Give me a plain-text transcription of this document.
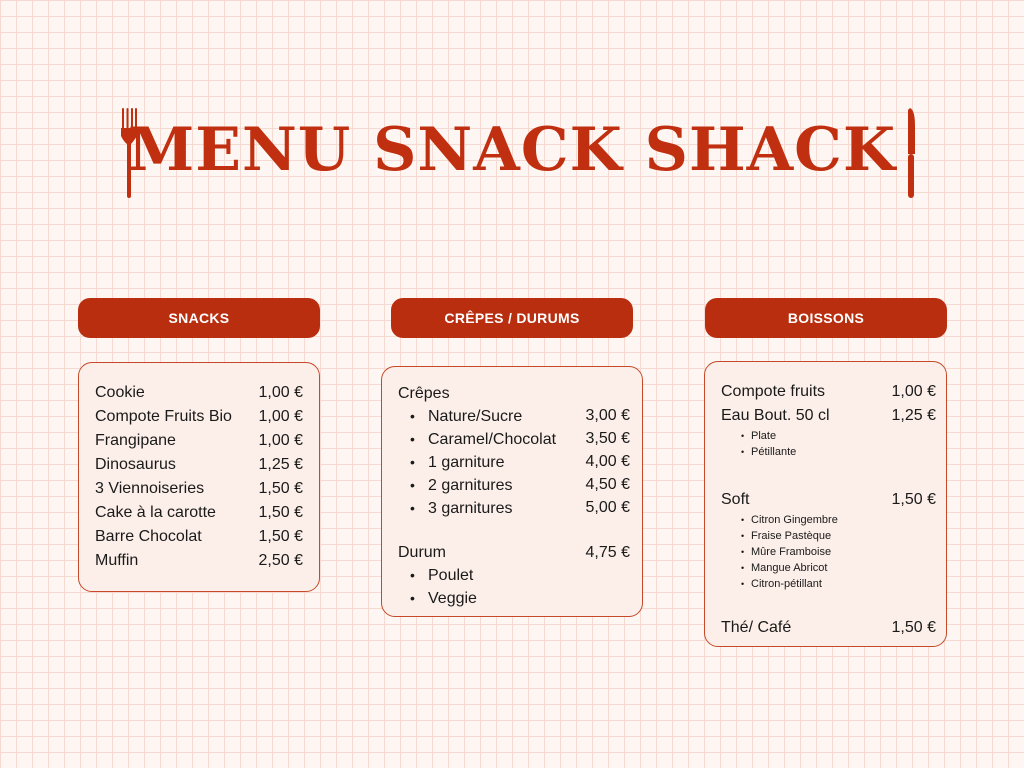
MENU SNACK SHACK
SNACKS
Cookie	1,00 €
Compote Fruits Bio 1,00 €
Frangipane	1,00 €
Dinosaurus	1,25 €
3 Viennoiseries	1,50 €
Cake à la carotte	1,50 €
Barre Chocolat	1,50 €
Muffin	2,50 €
CRÊPES / DURUMS
Crêpes
• Nature/Sucre	3,00 €
• Caramel/Chocolat 3,50 €
• 1 garniture	4,00 €
• 2 garnitures	4,50 €
• 3 garnitures	5,00 €
Durum	4,75 €
• Poulet
• Veggie
BOISSONS
Compote fruits	1,00 €
Eau Bout. 50 cl	1,25 €
• Plate
• Pétillante
Soft	1,50 €
• Citron Gingembre
• Fraise Pastèque
• Mûre Framboise
• Mangue Abricot
• Citron-pétillant
Thé/ Café	1,50 €
